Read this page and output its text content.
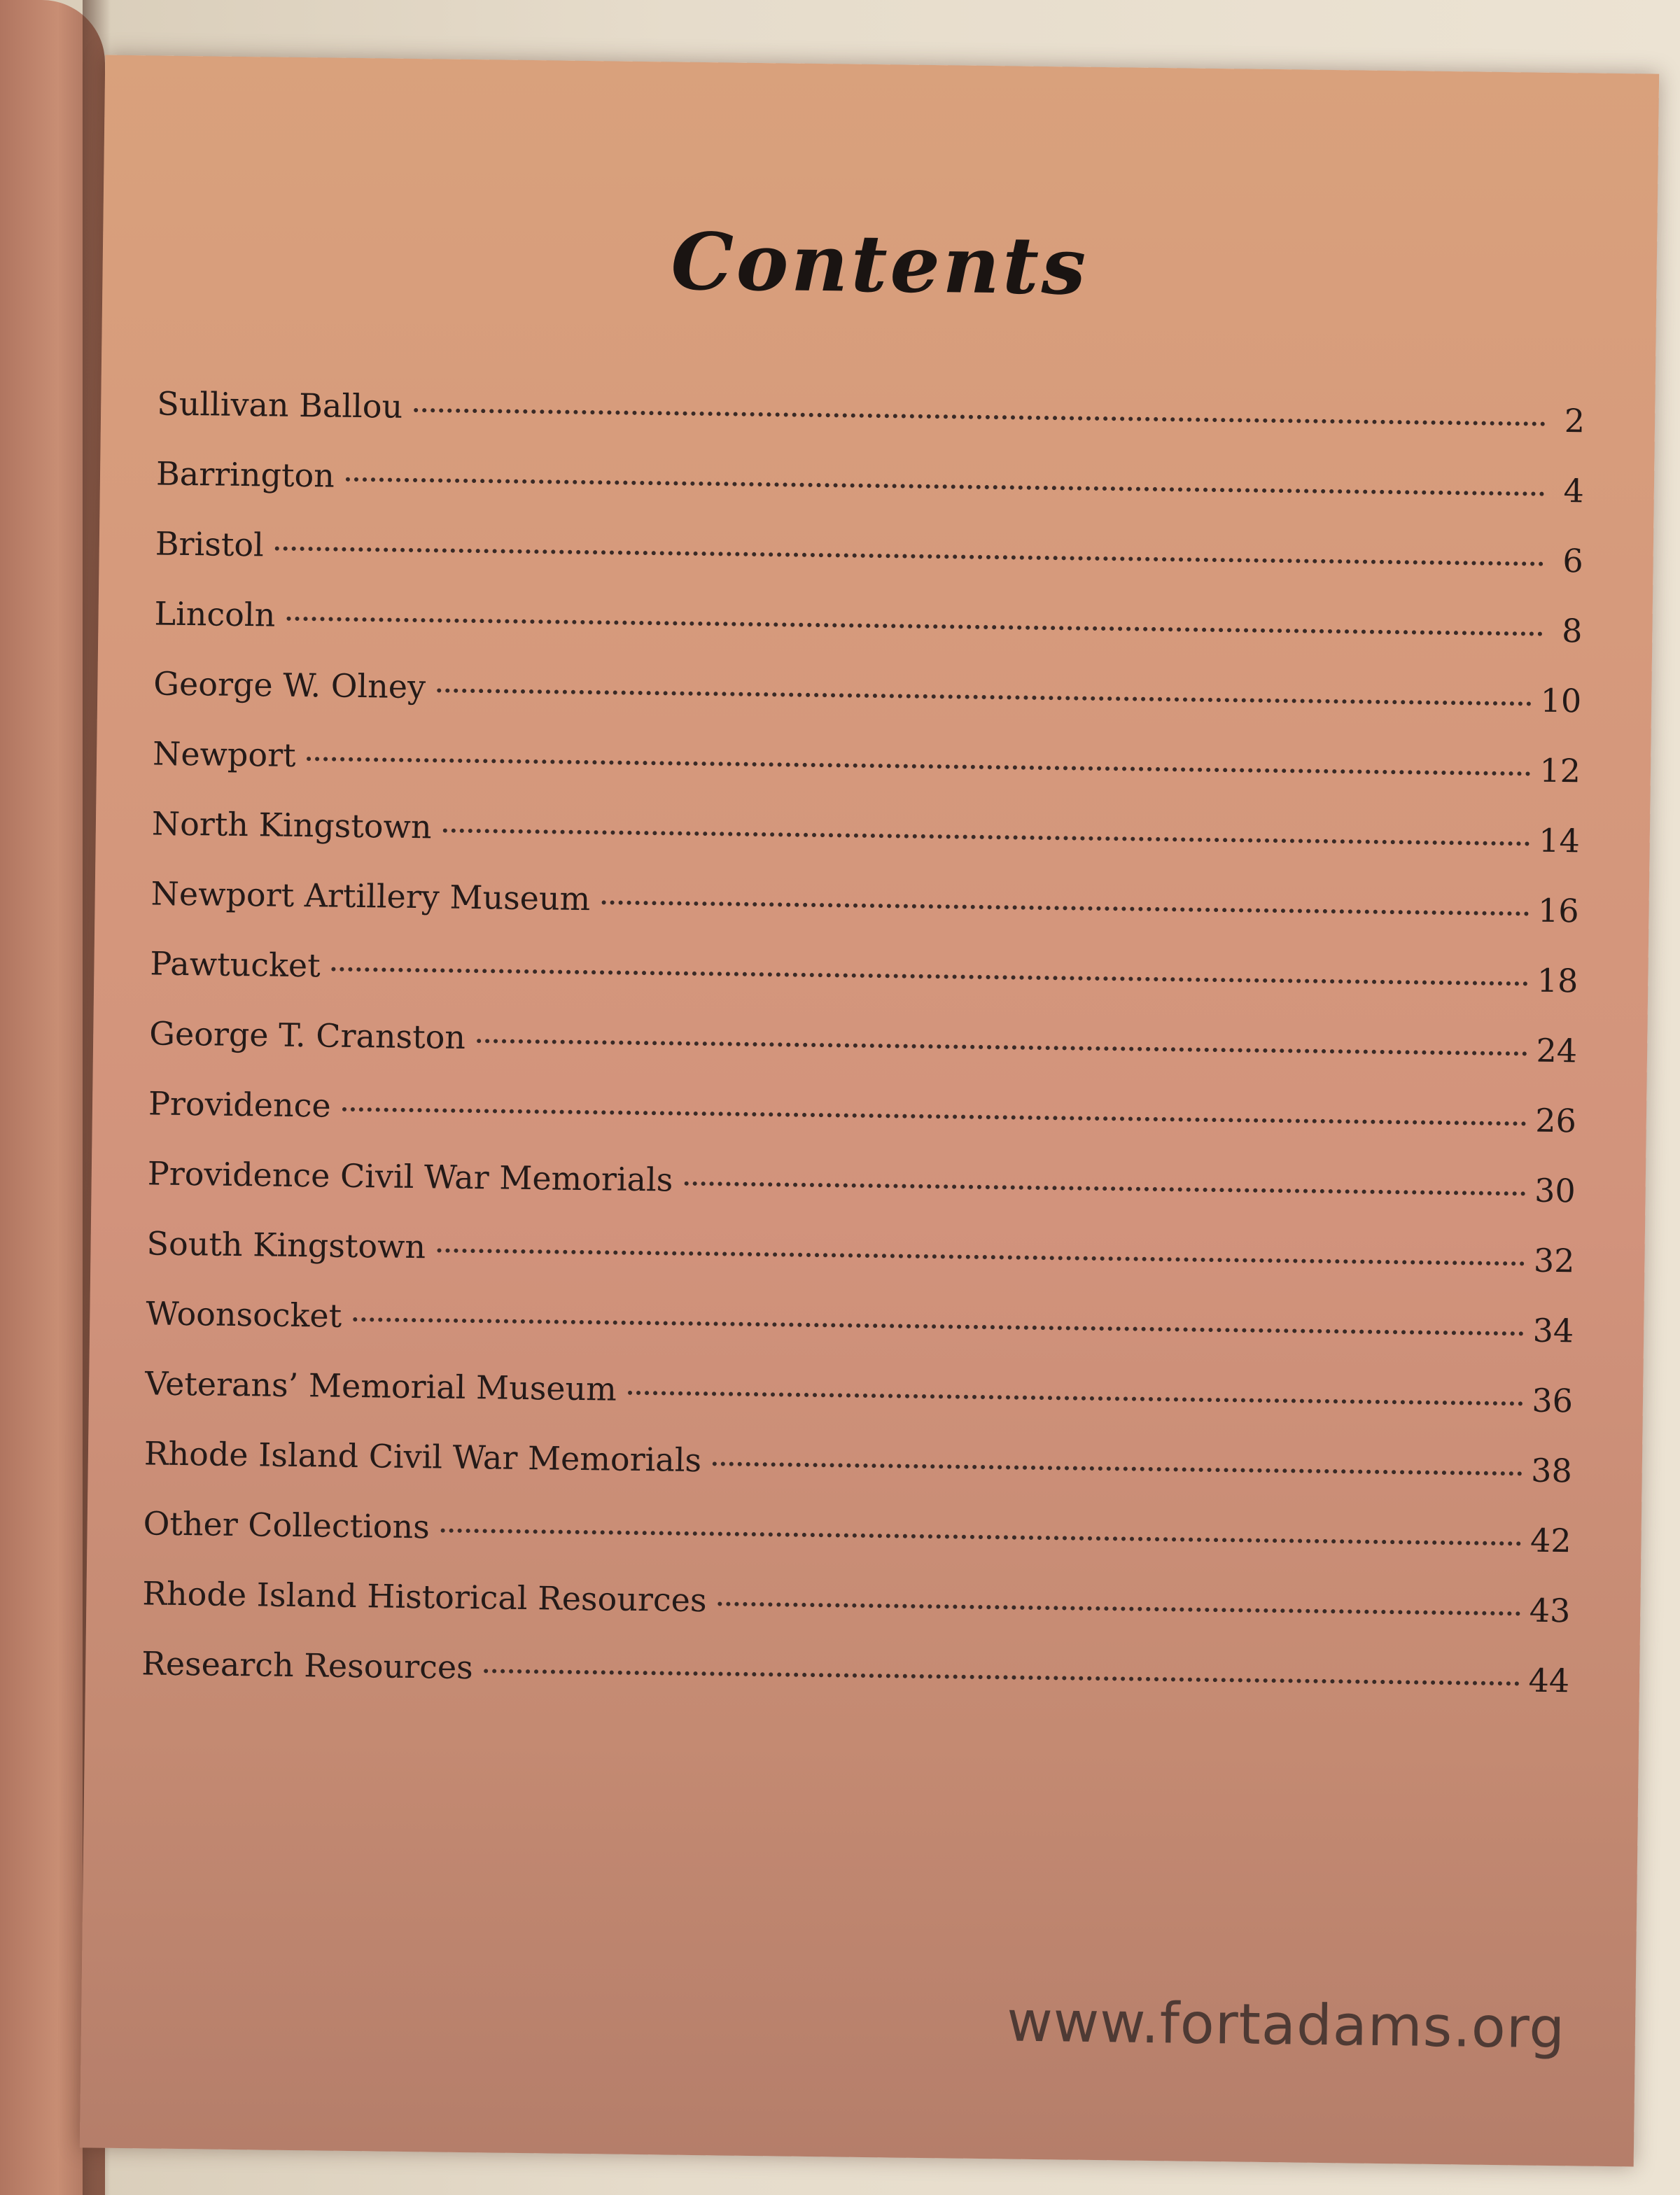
Contents
Sullivan Ballou	2
Barrington	4
Bristol	6
Lincoln	8
George W. Olney	10
Newport	12
North Kingstown	14
Newport Artillery Museum	16
Pawtucket	18
George T. Cranston	24
Providence	26
Providence Civil War Memorials	30
South Kingstown	32
Woonsocket	34
Veterans’ Memorial Museum	36
Rhode Island Civil War Memorials	38
Other Collections	42
Rhode Island Historical Resources	43
Research Resources	44
www.fortadams.org
